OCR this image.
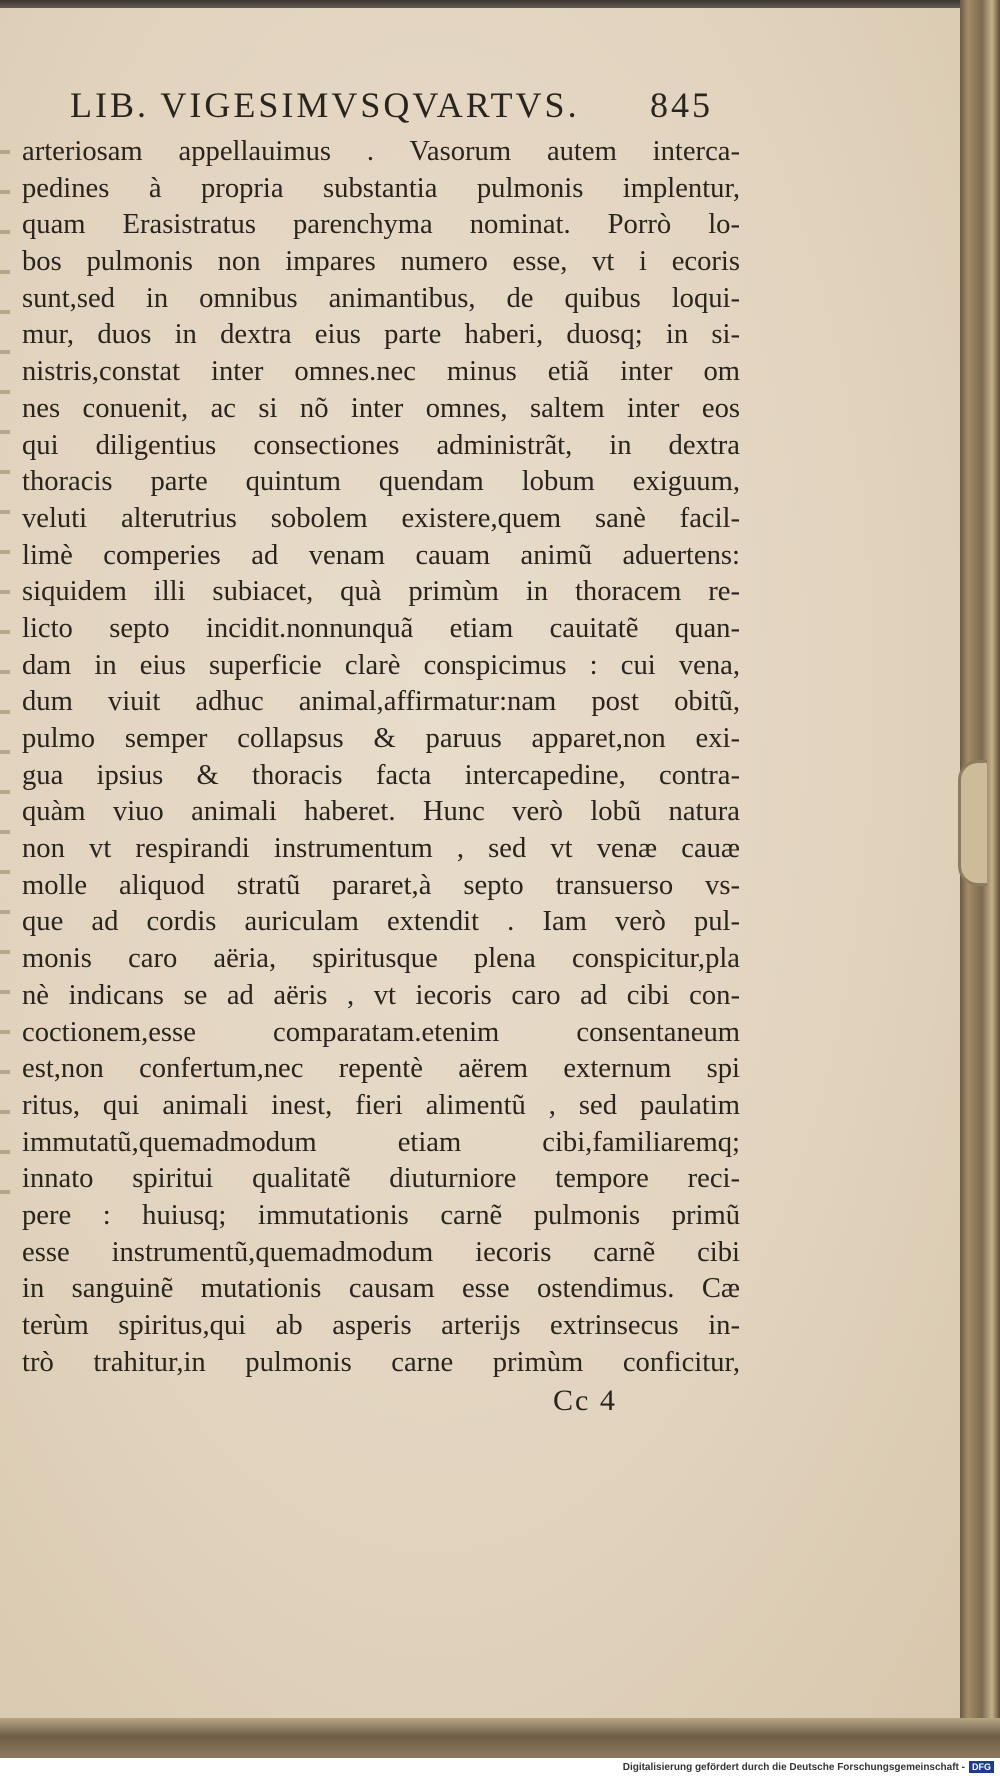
LIB. VIGESIMVSQVARTVS. 845
arteriosam appellauimus . Vasorum autem interca-
pedines à propria substantia pulmonis implentur,
quam Erasistratus parenchyma nominat. Porrò lo-
bos pulmonis non impares numero esse, vt i ecoris
sunt,sed in omnibus animantibus, de quibus loqui-
mur, duos in dextra eius parte haberi, duosq; in si-
nistris,constat inter omnes.nec minus etiã inter om
nes conuenit, ac si nõ inter omnes, saltem inter eos
qui diligentius consectiones administrãt, in dextra
thoracis parte quintum quendam lobum exiguum,
veluti alterutrius sobolem existere,quem sanè facil-
limè comperies ad venam cauam animũ aduertens:
siquidem illi subiacet, quà primùm in thoracem re-
licto septo incidit.nonnunquã etiam cauitatẽ quan-
dam in eius superficie clarè conspicimus : cui vena,
dum viuit adhuc animal,affirmatur:nam post obitũ,
pulmo semper collapsus & paruus apparet,non exi-
gua ipsius & thoracis facta intercapedine, contra-
quàm viuo animali haberet. Hunc verò lobũ natura
non vt respirandi instrumentum , sed vt venæ cauæ
molle aliquod stratũ pararet,à septo transuerso vs-
que ad cordis auriculam extendit . Iam verò pul-
monis caro aëria, spiritusque plena conspicitur,pla
nè indicans se ad aëris , vt iecoris caro ad cibi con-
coctionem,esse comparatam.etenim consentaneum
est,non confertum,nec repentè aërem externum spi
ritus, qui animali inest, fieri alimentũ , sed paulatim
immutatũ,quemadmodum etiam cibi,familiaremq;
innato spiritui qualitatẽ diuturniore tempore reci-
pere : huiusq; immutationis carnẽ pulmonis primũ
esse instrumentũ,quemadmodum iecoris carnẽ cibi
in sanguinẽ mutationis causam esse ostendimus. Cæ
terùm spiritus,qui ab asperis arterijs extrinsecus in-
trò trahitur,in pulmonis carne primùm conficitur,
Cc 4
Digitalisierung gefördert durch die Deutsche Forschungsgemeinschaft - DFG
